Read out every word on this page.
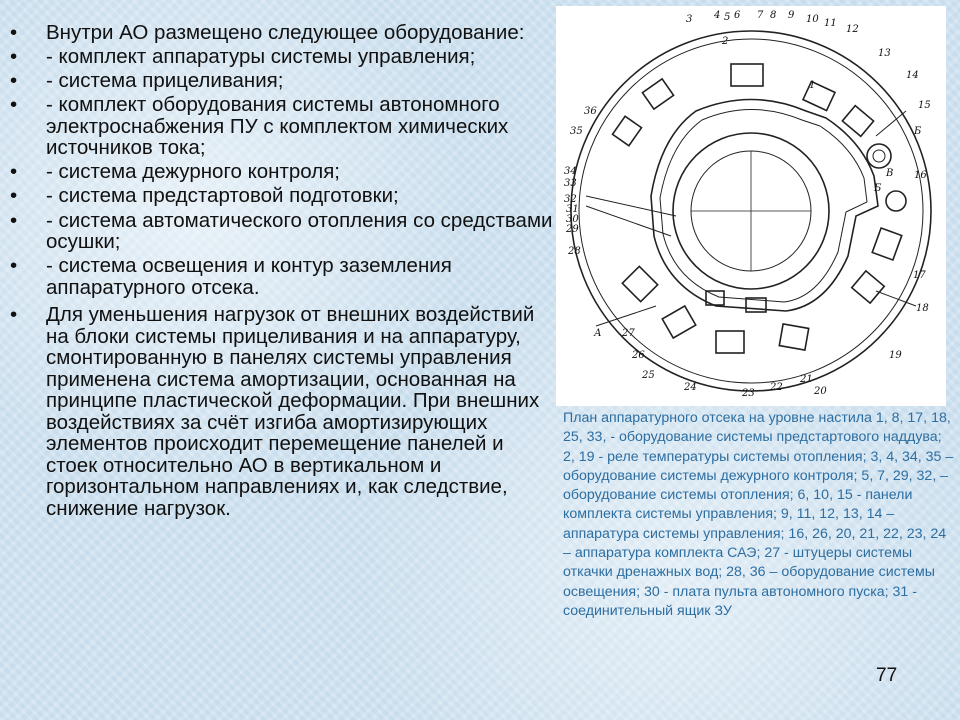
• Внутри АО размещено следующее оборудование:
• - комплект аппаратуры системы управления;
• - система прицеливания;
• - комплект оборудования системы автономного электроснабжения ПУ с комплектом химических источников тока;
• - система дежурного контроля;
• - система предстартовой подготовки;
• - система автоматического отопления со средствами осушки;
• - система освещения и контур заземления аппаратурного отсека.
• Для уменьшения нагрузок от внешних воздействий на блоки системы прицеливания и на аппаратуру, смонтированную в панелях системы управления применена система амортизации, основанная на принципе пластической деформации. При внешних воздействиях за счёт изгиба амортизирующих элементов происходит перемещение панелей и стоек относительно АО в вертикальном и горизонтальном направлениях и, как следствие, снижение нагрузок.
1
2
3 4 5 6 7 8 9 10 11
12
13
14
15
16
17
18
19
20
21
22
23
24
25
26
27
28
29
30
31
32
33
34
35
36
А
Б
В
Б
План аппаратурного отсека на уровне настила 1, 8, 17, 18, 25, 33, - оборудование системы предстартового наддува; 2, 19 - реле температуры системы отопления; 3, 4, 34, 35 – оборудование системы дежурного контроля; 5, 7, 29, 32, – оборудование системы отопления; 6, 10, 15 - панели комплекта системы управления; 9, 11, 12, 13, 14 – аппаратура системы управления; 16, 26, 20, 21, 22, 23, 24 – аппаратура комплекта САЭ; 27 - штуцеры системы откачки дренажных вод; 28, 36 – оборудование системы освещения; 30 - плата пульта автономного пуска; 31 - соединительный ящик ЗУ
77
